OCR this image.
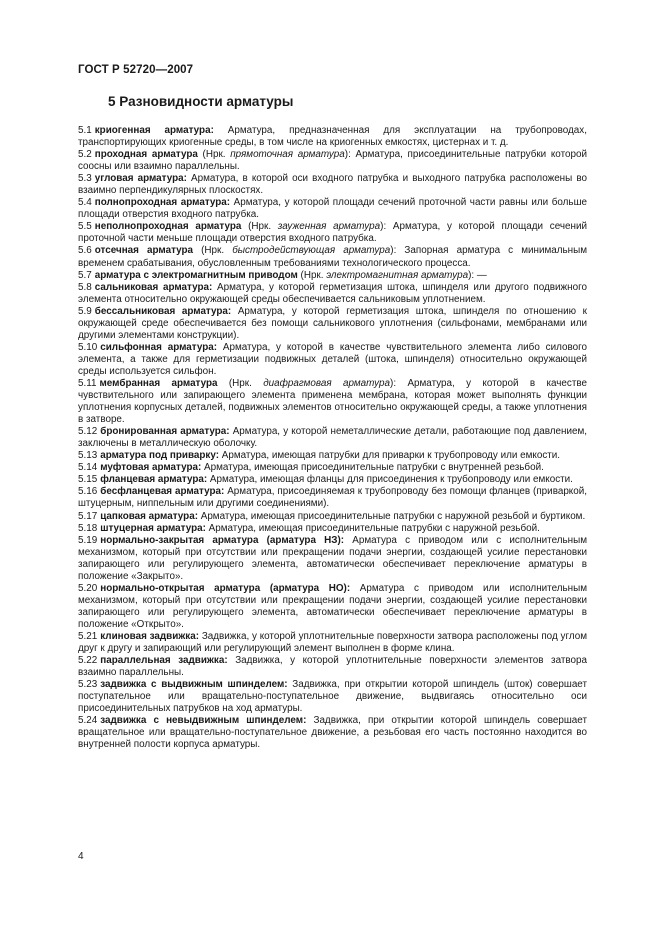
ГОСТ Р 52720—2007
5 Разновидности арматуры

5.1 криогенная арматура: Арматура, предназначенная для эксплуатации на трубопроводах, транспортирующих криогенные среды, в том числе на криогенных емкостях, цистернах и т. д.

5.2 проходная арматура (Нрк. прямоточная арматура): Арматура, присоединительные патрубки которой соосны или взаимно параллельны.

5.3 угловая арматура: Арматура, в которой оси входного патрубка и выходного патрубка расположены во взаимно перпендикулярных плоскостях.

5.4 полнопроходная арматура: Арматура, у которой площади сечений проточной части равны или больше площади отверстия входного патрубка.

5.5 неполнопроходная арматура (Нрк. зауженная арматура): Арматура, у которой площади сечений проточной части меньше площади отверстия входного патрубка.

5.6 отсечная арматура (Нрк. быстродействующая арматура): Запорная арматура с минимальным временем срабатывания, обусловленным требованиями технологического процесса.

5.7 арматура с электромагнитным приводом (Нрк. электромагнитная арматура): —

5.8 сальниковая арматура: Арматура, у которой герметизация штока, шпинделя или другого подвижного элемента относительно окружающей среды обеспечивается сальниковым уплотнением.

5.9 бессальниковая арматура: Арматура, у которой герметизация штока, шпинделя по отношению к окружающей среде обеспечивается без помощи сальникового уплотнения (сильфонами, мембранами или другими элементами конструкции).

5.10 сильфонная арматура: Арматура, у которой в качестве чувствительного элемента либо силового элемента, а также для герметизации подвижных деталей (штока, шпинделя) относительно окружающей среды используется сильфон.

5.11 мембранная арматура (Нрк. диафрагмовая арматура): Арматура, у которой в качестве чувствительного или запирающего элемента применена мембрана, которая может выполнять функции уплотнения корпусных деталей, подвижных элементов относительно окружающей среды, а также уплотнения в затворе.

5.12 бронированная арматура: Арматура, у которой неметаллические детали, работающие под давлением, заключены в металлическую оболочку.

5.13 арматура под приварку: Арматура, имеющая патрубки для приварки к трубопроводу или емкости.

5.14 муфтовая арматура: Арматура, имеющая присоединительные патрубки с внутренней резьбой.

5.15 фланцевая арматура: Арматура, имеющая фланцы для присоединения к трубопроводу или емкости.

5.16 бесфланцевая арматура: Арматура, присоединяемая к трубопроводу без помощи фланцев (приваркой, штуцерным, ниппельным или другими соединениями).

5.17 цапковая арматура: Арматура, имеющая присоединительные патрубки с наружной резьбой и буртиком.

5.18 штуцерная арматура: Арматура, имеющая присоединительные патрубки с наружной резьбой.

5.19 нормально-закрытая арматура (арматура НЗ): Арматура с приводом или с исполнительным механизмом, который при отсутствии или прекращении подачи энергии, создающей усилие перестановки запирающего или регулирующего элемента, автоматически обеспечивает переключение арматуры в положение «Закрыто».

5.20 нормально-открытая арматура (арматура НО): Арматура с приводом или исполнительным механизмом, который при отсутствии или прекращении подачи энергии, создающей усилие перестановки запирающего или регулирующего элемента, автоматически обеспечивает переключение арматуры в положение «Открыто».

5.21 клиновая задвижка: Задвижка, у которой уплотнительные поверхности затвора расположены под углом друг к другу и запирающий или регулирующий элемент выполнен в форме клина.

5.22 параллельная задвижка: Задвижка, у которой уплотнительные поверхности элементов затвора взаимно параллельны.

5.23 задвижка с выдвижным шпинделем: Задвижка, при открытии которой шпиндель (шток) совершает поступательное или вращательно-поступательное движение, выдвигаясь относительно оси присоединительных патрубков на ход арматуры.

5.24 задвижка с невыдвижным шпинделем: Задвижка, при открытии которой шпиндель совершает вращательное или вращательно-поступательное движение, а резьбовая его часть постоянно находится во внутренней полости корпуса арматуры.

4
